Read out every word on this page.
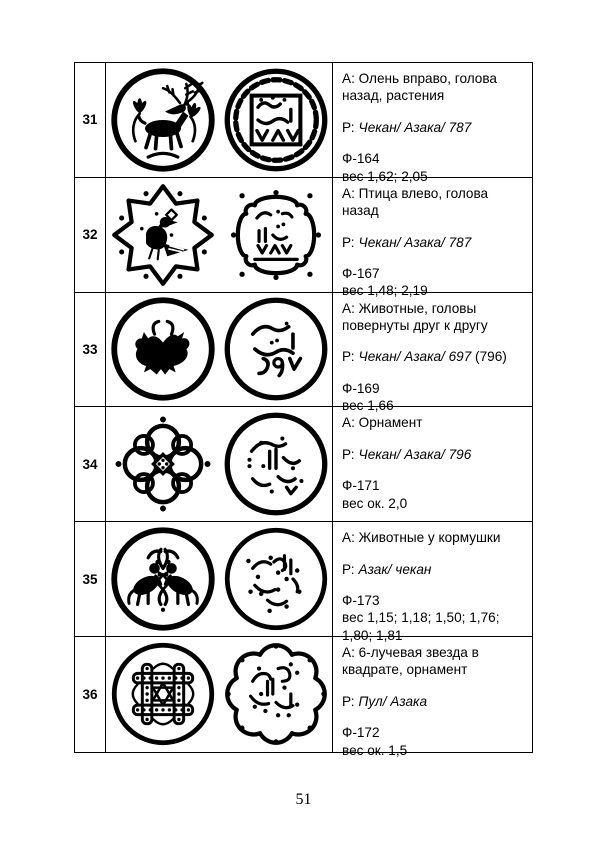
31
А: Олень вправо, голова назад, растения
Р: Чекан/ Азака/ 787
Ф-164
вес 1,62; 2,05
32
А: Птица влево, голова назад
Р: Чекан/ Азака/ 787
Ф-167
вес 1,48; 2,19
33
А: Животные, головы повернуты друг к другу
Р: Чекан/ Азака/ 697 (796)
Ф-169
вес 1,66
34
А: Орнамент
Р: Чекан/ Азака/ 796
Ф-171
вес ок. 2,0
35
А: Животные у кормушки
Р: Азак/ чекан
Ф-173
вес 1,15; 1,18; 1,50; 1,76; 1,80; 1,81
36
А: 6-лучевая звезда в квадрате, орнамент
Р: Пул/ Азака
Ф-172
вес ок. 1,5
51
